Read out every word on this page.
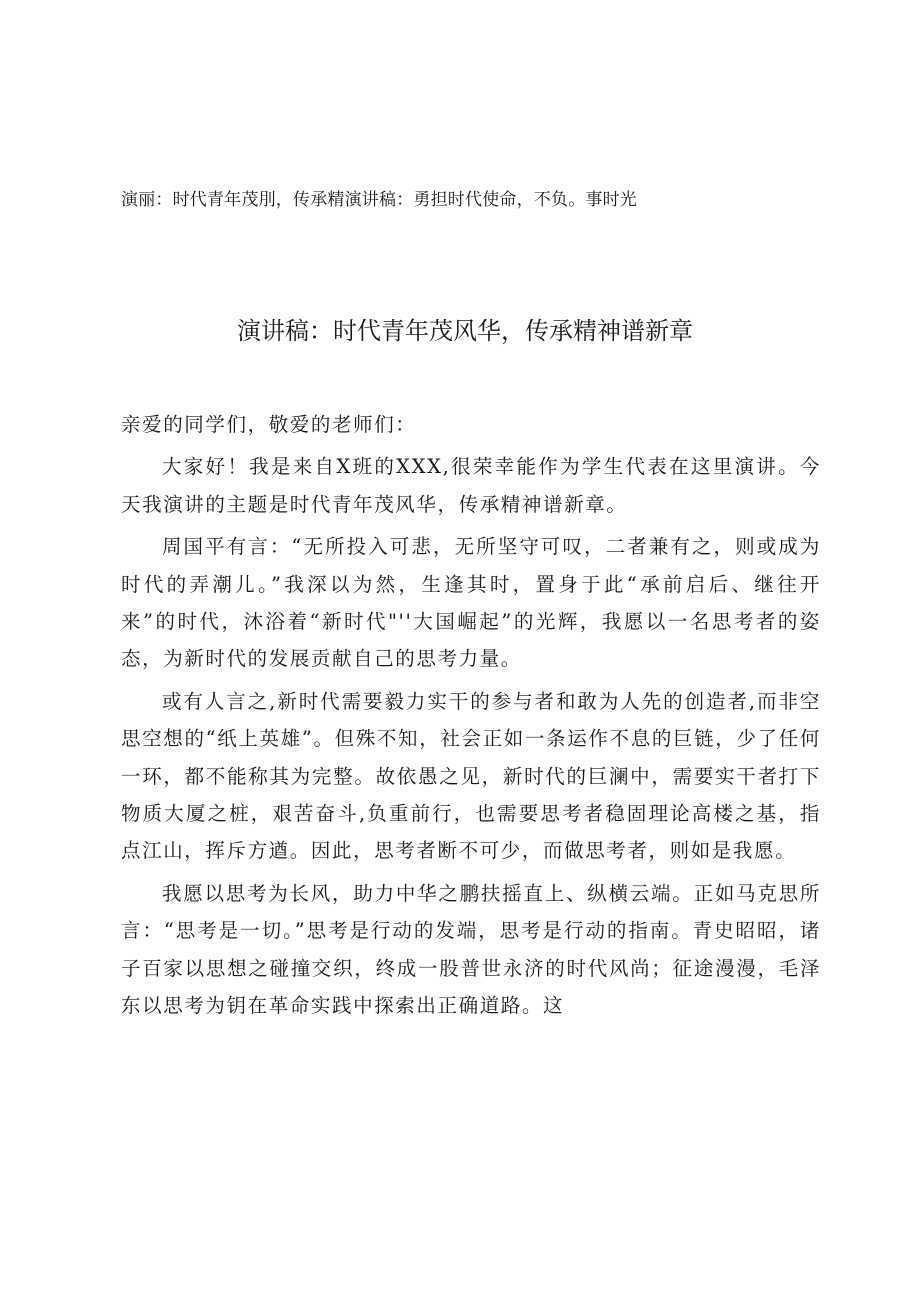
演丽：时代青年茂刖，传承精演讲稿：勇担时代使命，不负。事时光
演讲稿：时代青年茂风华，传承精神谱新章

亲爱的同学们，敬爱的老师们：

大家好！我是来自X班的XXX,很荣幸能作为学生代表在这里演讲。今天我演讲的主题是时代青年茂风华，传承精神谱新章。

周国平有言：“无所投入可悲，无所坚守可叹，二者兼有之，则或成为时代的弄潮儿。”我深以为然，生逢其时，置身于此“承前启后、继往开来”的时代，沐浴着“新时代"''大国崛起”的光辉，我愿以一名思考者的姿态，为新时代的发展贡献自己的思考力量。

或有人言之,新时代需要毅力实干的参与者和敢为人先的创造者,而非空思空想的“纸上英雄”。但殊不知，社会正如一条运作不息的巨链，少了任何一环，都不能称其为完整。故依愚之见，新时代的巨澜中，需要实干者打下物质大厦之桩，艰苦奋斗,负重前行，也需要思考者稳固理论高楼之基，指点江山，挥斥方遒。因此，思考者断不可少，而做思考者，则如是我愿。

我愿以思考为长风，助力中华之鹏扶摇直上、纵横云端。正如马克思所言：“思考是一切。”思考是行动的发端，思考是行动的指南。青史昭昭，诸子百家以思想之碰撞交织，终成一股普世永济的时代风尚；征途漫漫，毛泽东以思考为钥在革命实践中探索出正确道路。这
